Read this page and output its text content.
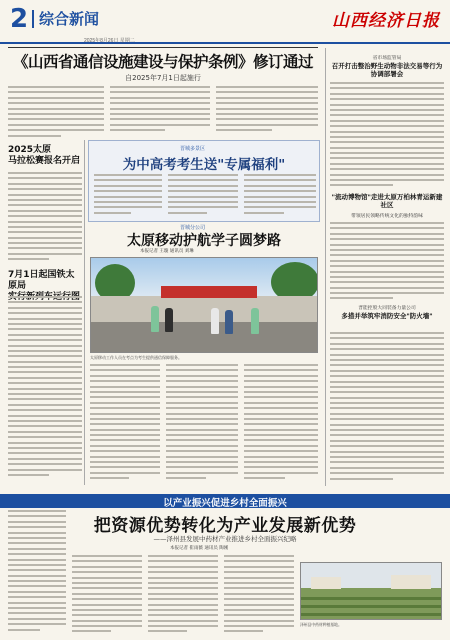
2 综合新闻
2025年8月26日 星期二
山西经济日报
《山西省通信设施建设与保护条例》修订通过
自2025年7月1日起施行
2025太原
马拉松赛报名开启
7月1日起国铁太原局
晋城多景区
为中高考考生送"专属福利"
晋城分公司
太原移动护航学子圆梦路
本报记者 王璇 通讯员 刘琳
太原移动工作人员在考点为考生提供通信保障服务。
省市场监管局
召开打击整治野生动物非法交易等行为协调部署会
"流动博物馆"走进太原万柏林青运新建社区
带领居民领略传统文化的独特韵味
晋能控股大同装备力量公司
多措并举筑牢消防安全"防火墙"
以产业振兴促进乡村全面振兴
把资源优势转化为产业发展新优势
——泽州县发展中药材产业推进乡村全面振兴纪略
本报记者 崔雨薇 通讯员 陶刚
泽州县中药材种植基地。
